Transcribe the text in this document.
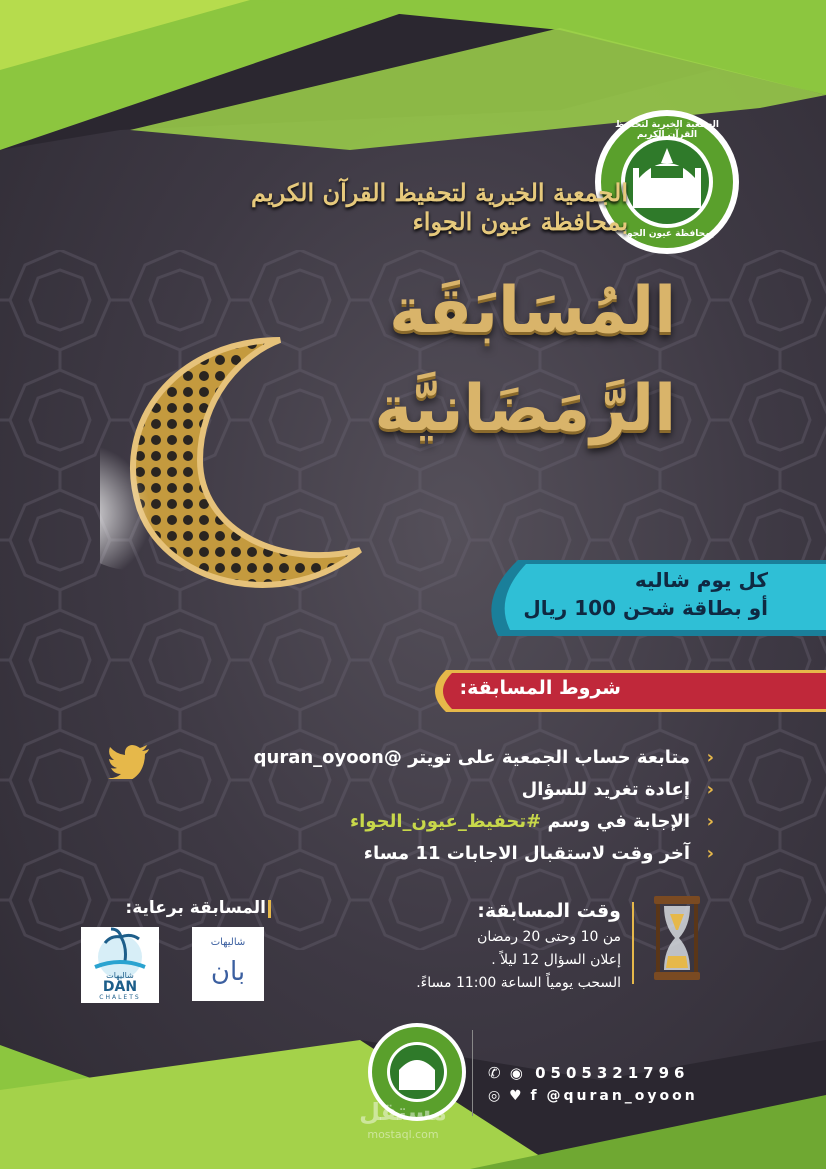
الجمعية الخيرية لتحفيظ القرآن الكريم
بمحافظة عيون الجواء
الجمعية الخيرية لتحفيظ القرآن الكريم بمحافظة عيون الجواء
المُسَابَقَة
الرَّمَضَانيَّة
كل يوم شاليه
أو بطاقة شحن 100 ريال
شروط المسابقة:
‹
متابعة حساب الجمعية على تويتر @quran_oyoon
‹
إعادة تغريد للسؤال
‹
الإجابة في وسم #تحفيظ_عيون_الجواء
‹
آخر وقت لاستقبال الاجابات 11 مساء
وقت المسابقة:
من 10 وحتى 20 رمضان
إعلان السؤال 12 ليلاً .
السحب يومياً الساعة 11:00 مساءً.
المسابقة برعاية:
شاليهات
DAN
CHALETS
شاليهات
بان
✆ ◉ 0505321796
◎ ♥ f @quran_oyoon
مستقل
mostaql.com
